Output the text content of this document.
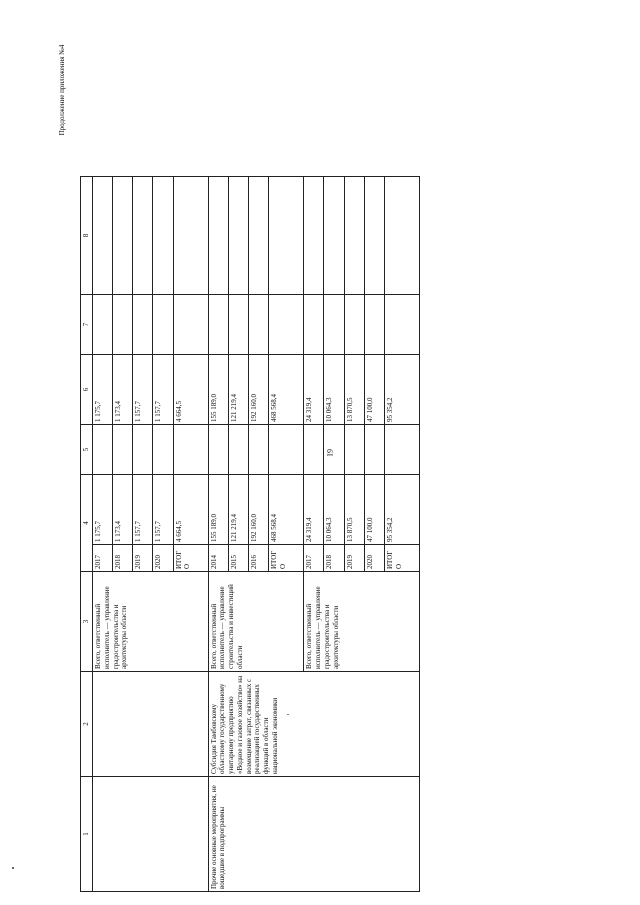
Продолжение приложения №4
19
1	2	3	4		5	6	7	8
		Всего, ответственный исполнитель — управление градостроительства и архитектуры области	2017	1 175,7		1 175,7		
			2018	1 173,4		1 173,4		
			2019	1 157,7		1 157,7		
			2020	1 157,7		1 157,7		
			ИТОГО	4 664,5		4 664,5		
Прочие основные мероприятия, не вошедшие в подпрограммы	Субсидия Тамбовскому областному государственному унитарному предприятию «Водное и газовое хозяйство» на возмещение затрат, связанных с реализацией государственных функций в области национальной экономики	Всего, ответственный исполнитель — управление строительства и инвестиций области	2014	155 189,0		155 189,0		
			2015	121 219,4		121 219,4		
			2016	192 160,0		192 160,0		
			ИТОГО	468 568,4		468 568,4		
		Всего, ответственный исполнитель — управление градостроительства и архитектуры области	2017	24 319,4		24 319,4		
			2018	10 064,3		10 064,3		
			2019	13 870,5		13 870,5		
			2020	47 100,0		47 100,0		
			ИТОГО	95 354,2		95 354,2		
